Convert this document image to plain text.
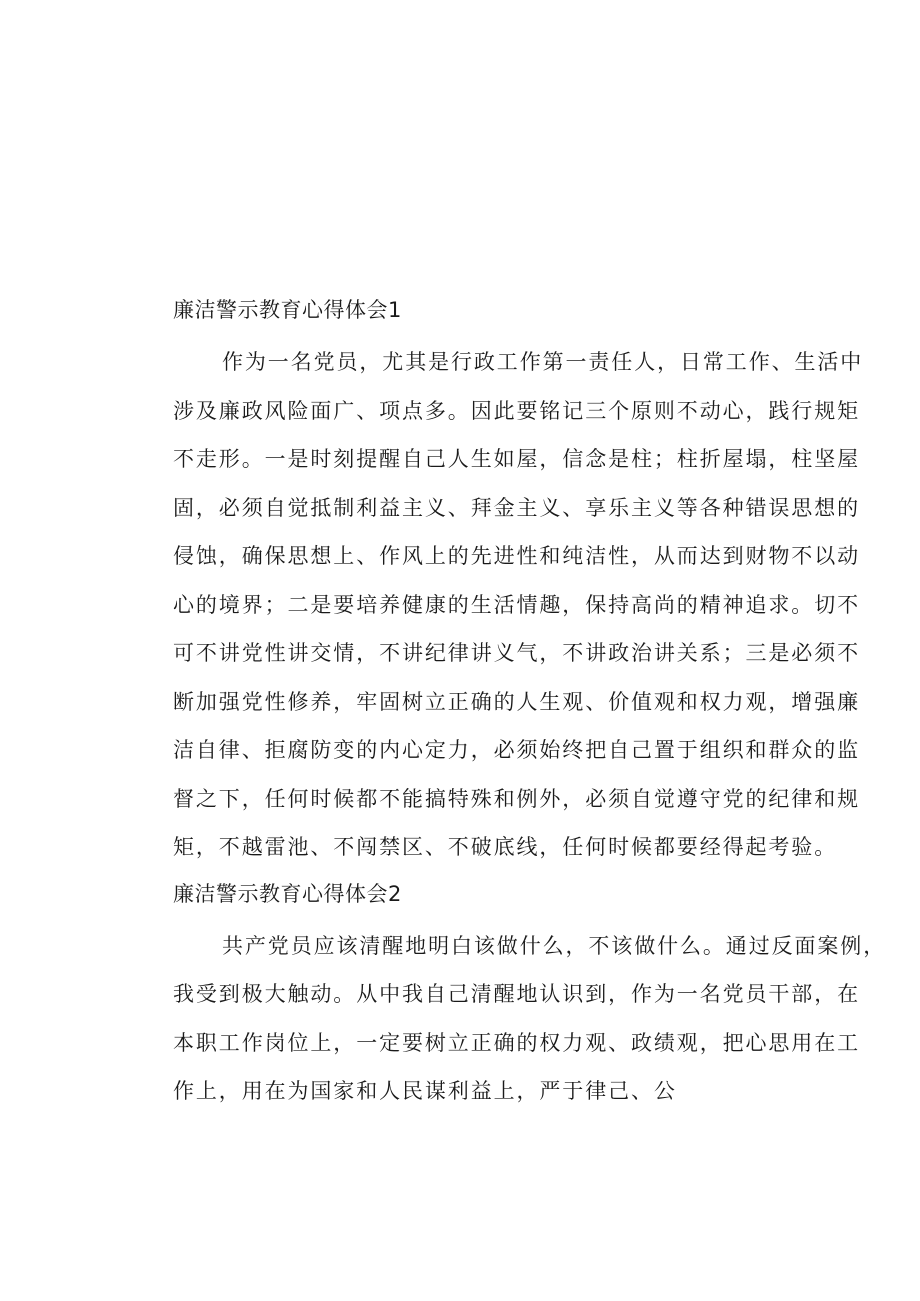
廉洁警示教育心得体会1

作为一名党员，尤其是行政工作第一责任人，日常工作、生活中
涉及廉政风险面广、项点多。因此要铭记三个原则不动心，践行规矩
不走形。一是时刻提醒自己人生如屋，信念是柱；柱折屋塌，柱坚屋
固，必须自觉抵制利益主义、拜金主义、享乐主义等各种错误思想的
侵蚀，确保思想上、作风上的先进性和纯洁性，从而达到财物不以动
心的境界；二是要培养健康的生活情趣，保持高尚的精神追求。切不
可不讲党性讲交情，不讲纪律讲义气，不讲政治讲关系；三是必须不
断加强党性修养，牢固树立正确的人生观、价值观和权力观，增强廉
洁自律、拒腐防变的内心定力，必须始终把自己置于组织和群众的监
督之下，任何时候都不能搞特殊和例外，必须自觉遵守党的纪律和规
矩，不越雷池、不闯禁区、不破底线，任何时候都要经得起考验。

廉洁警示教育心得体会2

共产党员应该清醒地明白该做什么，不该做什么。通过反面案例，
我受到极大触动。从中我自己清醒地认识到，作为一名党员干部，在
本职工作岗位上，一定要树立正确的权力观、政绩观，把心思用在工
作上，用在为国家和人民谋利益上，严于律己、公
